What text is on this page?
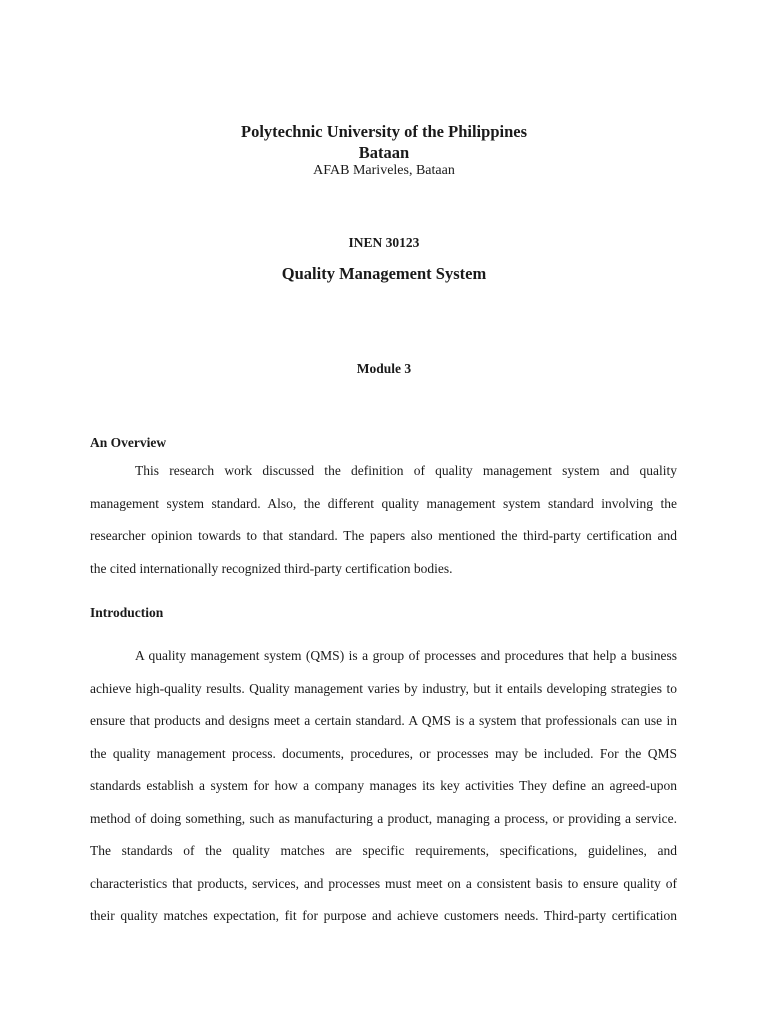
Polytechnic University of the Philippines
Bataan
AFAB Mariveles, Bataan
INEN 30123
Quality Management System
Module 3
An Overview
This research work discussed the definition of quality management system and quality
management system standard. Also, the different quality management system standard involving the
researcher opinion towards to that standard. The papers also mentioned the third-party certification and
the cited internationally recognized third-party certification bodies.
Introduction
A quality management system (QMS) is a group of processes and procedures that help a business
achieve high-quality results. Quality management varies by industry, but it entails developing strategies to
ensure that products and designs meet a certain standard. A QMS is a system that professionals can use in
the quality management process. documents, procedures, or processes may be included. For the QMS
standards establish a system for how a company manages its key activities They define an agreed-upon
method of doing something, such as manufacturing a product, managing a process, or providing a service.
The standards of the quality matches are specific requirements, specifications, guidelines, and
characteristics that products, services, and processes must meet on a consistent basis to ensure quality of
their quality matches expectation, fit for purpose and achieve customers needs. Third-party certification
